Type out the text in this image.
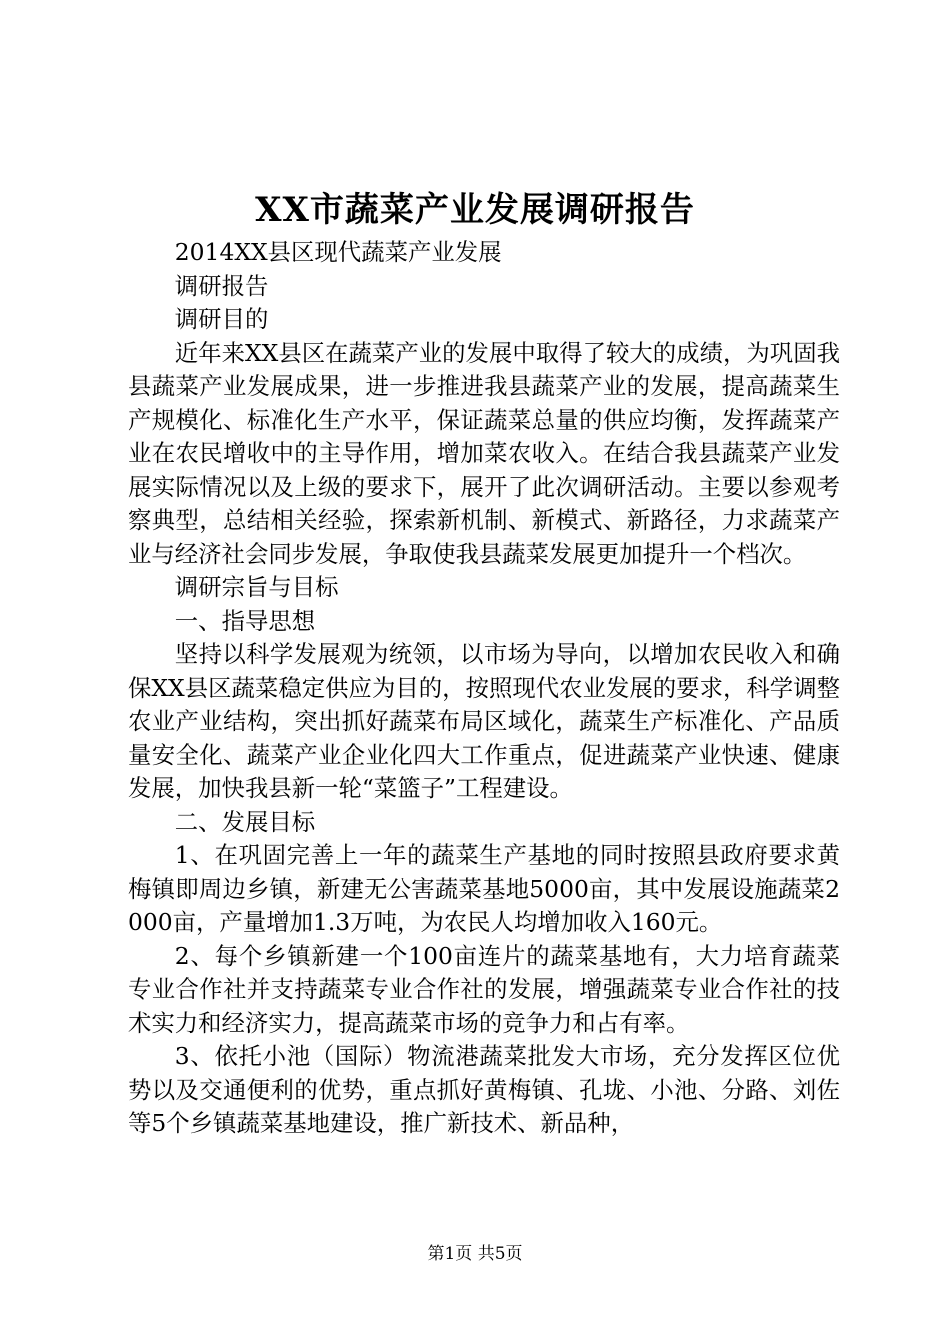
XX市蔬菜产业发展调研报告

2014XX县区现代蔬菜产业发展

调研报告

调研目的

近年来XX县区在蔬菜产业的发展中取得了较大的成绩，为巩固我县蔬菜产业发展成果，进一步推进我县蔬菜产业的发展，提高蔬菜生产规模化、标准化生产水平，保证蔬菜总量的供应均衡，发挥蔬菜产业在农民增收中的主导作用，增加菜农收入。在结合我县蔬菜产业发展实际情况以及上级的要求下，展开了此次调研活动。主要以参观考察典型，总结相关经验，探索新机制、新模式、新路径，力求蔬菜产业与经济社会同步发展，争取使我县蔬菜发展更加提升一个档次。

调研宗旨与目标

一、指导思想

坚持以科学发展观为统领，以市场为导向，以增加农民收入和确保XX县区蔬菜稳定供应为目的，按照现代农业发展的要求，科学调整农业产业结构，突出抓好蔬菜布局区域化，蔬菜生产标准化、产品质量安全化、蔬菜产业企业化四大工作重点，促进蔬菜产业快速、健康发展，加快我县新一轮“菜篮子”工程建设。

二、发展目标

1、在巩固完善上一年的蔬菜生产基地的同时按照县政府要求黄梅镇即周边乡镇，新建无公害蔬菜基地5000亩，其中发展设施蔬菜2000亩，产量增加1.3万吨，为农民人均增加收入160元。

2、每个乡镇新建一个100亩连片的蔬菜基地有，大力培育蔬菜专业合作社并支持蔬菜专业合作社的发展，增强蔬菜专业合作社的技术实力和经济实力，提高蔬菜市场的竞争力和占有率。

3、依托小池（国际）物流港蔬菜批发大市场，充分发挥区位优势以及交通便利的优势，重点抓好黄梅镇、孔垅、小池、分路、刘佐等5个乡镇蔬菜基地建设，推广新技术、新品种，

第1页 共5页
